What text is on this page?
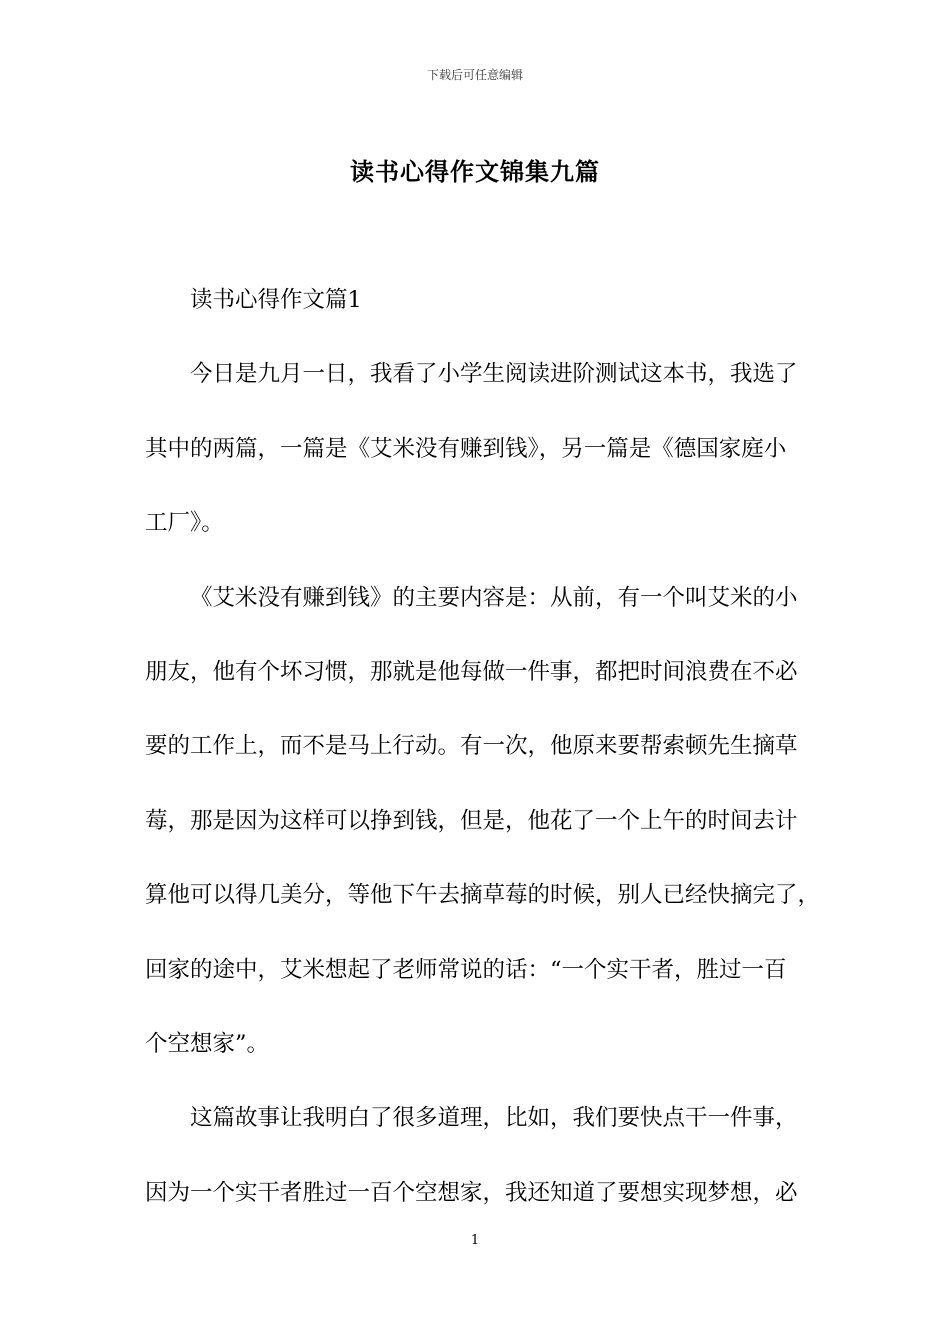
下载后可任意编辑
读书心得作文锦集九篇
读书心得作文篇1
今日是九月一日，我看了小学生阅读进阶测试这本书，我选了
其中的两篇，一篇是《艾米没有赚到钱》，另一篇是《德国家庭小
工厂》。
《艾米没有赚到钱》的主要内容是：从前，有一个叫艾米的小
朋友，他有个坏习惯，那就是他每做一件事，都把时间浪费在不必
要的工作上，而不是马上行动。有一次，他原来要帮索顿先生摘草
莓，那是因为这样可以挣到钱，但是，他花了一个上午的时间去计
算他可以得几美分，等他下午去摘草莓的时候，别人已经快摘完了，
回家的途中，艾米想起了老师常说的话：“一个实干者，胜过一百
个空想家”。
这篇故事让我明白了很多道理，比如，我们要快点干一件事，
因为一个实干者胜过一百个空想家，我还知道了要想实现梦想，必
1
